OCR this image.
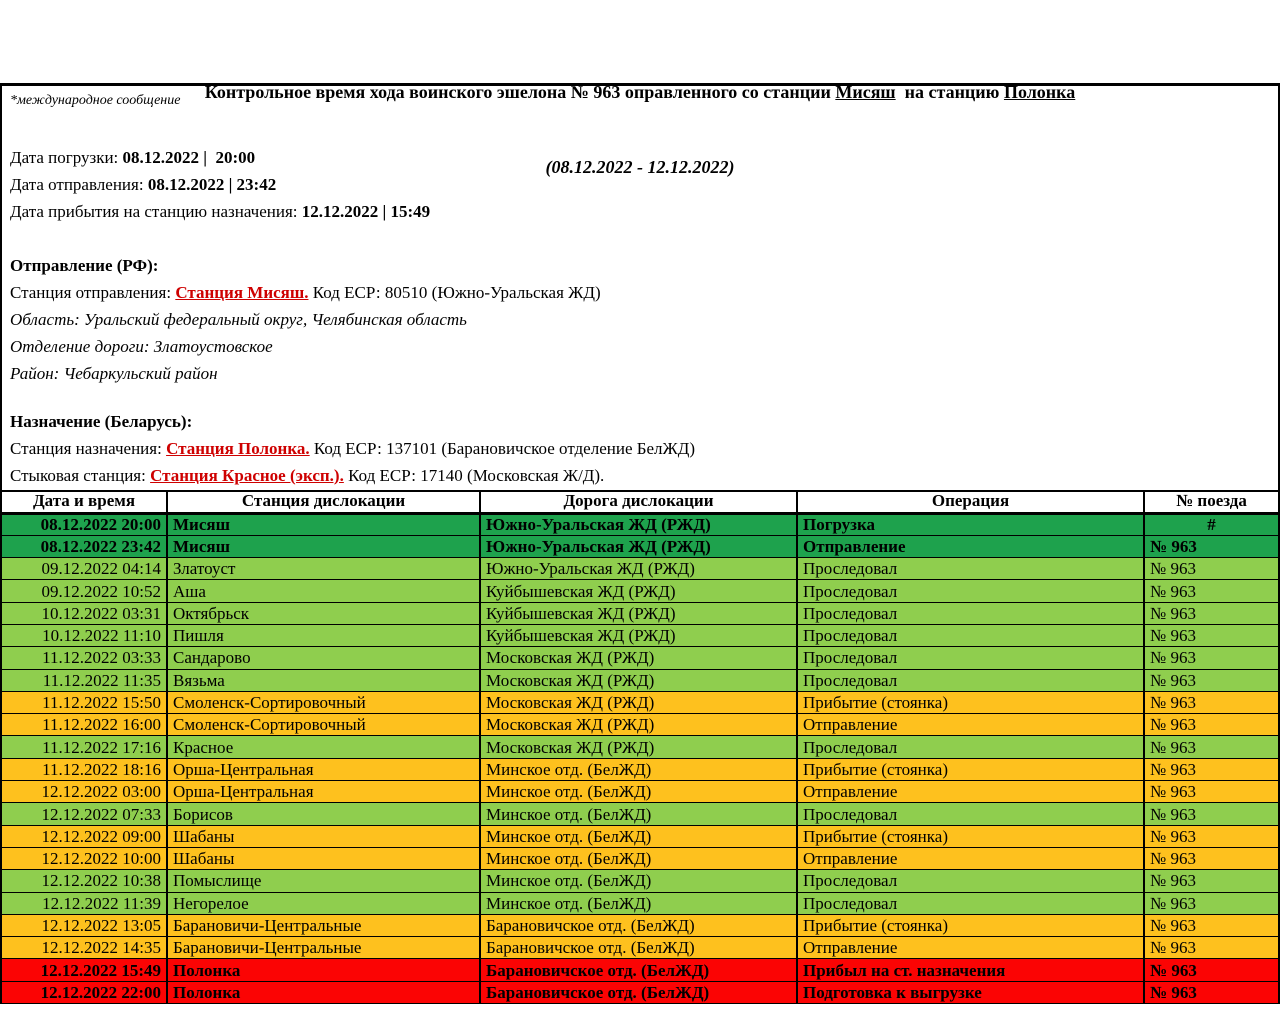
Контрольное время хода воинского эшелона № 963 оправленного со станции Мисяш  на станцию Полонка

(08.12.2022 - 12.12.2022)

*международное сообщение

Дата погрузки: 08.12.2022 |  20:00

Дата отправления: 08.12.2022 | 23:42

Дата прибытия на станцию назначения: 12.12.2022 | 15:49

Отправление (РФ):

Станция отправления: Станция Мисяш. Код ЕСР: 80510 (Южно-Уральская ЖД)

Область: Уральский федеральный округ, Челябинская область

Отделение дороги: Златоустовское

Район: Чебаркульский район

Назначение (Беларусь):

Станция назначения: Станция Полонка. Код ЕСР: 137101 (Барановичское отделение БелЖД)

Стыковая станция: Станция Красное (эксп.). Код ЕСР: 17140 (Московская Ж/Д).

Дата и время	Станция дислокации	Дорога дислокации	Операция	№ поезда
08.12.2022 20:00	Мисяш	Южно-Уральская ЖД (РЖД)	Погрузка	#
08.12.2022 23:42	Мисяш	Южно-Уральская ЖД (РЖД)	Отправление	№ 963
09.12.2022 04:14	Златоуст	Южно-Уральская ЖД (РЖД)	Проследовал	№ 963
09.12.2022 10:52	Аша	Куйбышевская ЖД (РЖД)	Проследовал	№ 963
10.12.2022 03:31	Октябрьск	Куйбышевская ЖД (РЖД)	Проследовал	№ 963
10.12.2022 11:10	Пишля	Куйбышевская ЖД (РЖД)	Проследовал	№ 963
11.12.2022 03:33	Сандарово	Московская ЖД (РЖД)	Проследовал	№ 963
11.12.2022 11:35	Вязьма	Московская ЖД (РЖД)	Проследовал	№ 963
11.12.2022 15:50	Смоленск-Сортировочный	Московская ЖД (РЖД)	Прибытие (стоянка)	№ 963
11.12.2022 16:00	Смоленск-Сортировочный	Московская ЖД (РЖД)	Отправление	№ 963
11.12.2022 17:16	Красное	Московская ЖД (РЖД)	Проследовал	№ 963
11.12.2022 18:16	Орша-Центральная	Минское отд. (БелЖД)	Прибытие (стоянка)	№ 963
12.12.2022 03:00	Орша-Центральная	Минское отд. (БелЖД)	Отправление	№ 963
12.12.2022 07:33	Борисов	Минское отд. (БелЖД)	Проследовал	№ 963
12.12.2022 09:00	Шабаны	Минское отд. (БелЖД)	Прибытие (стоянка)	№ 963
12.12.2022 10:00	Шабаны	Минское отд. (БелЖД)	Отправление	№ 963
12.12.2022 10:38	Помыслище	Минское отд. (БелЖД)	Проследовал	№ 963
12.12.2022 11:39	Негорелое	Минское отд. (БелЖД)	Проследовал	№ 963
12.12.2022 13:05	Барановичи-Центральные	Барановичское отд. (БелЖД)	Прибытие (стоянка)	№ 963
12.12.2022 14:35	Барановичи-Центральные	Барановичское отд. (БелЖД)	Отправление	№ 963
12.12.2022 15:49	Полонка	Барановичское отд. (БелЖД)	Прибыл на ст. назначения	№ 963
12.12.2022 22:00	Полонка	Барановичское отд. (БелЖД)	Подготовка к выгрузке	№ 963
